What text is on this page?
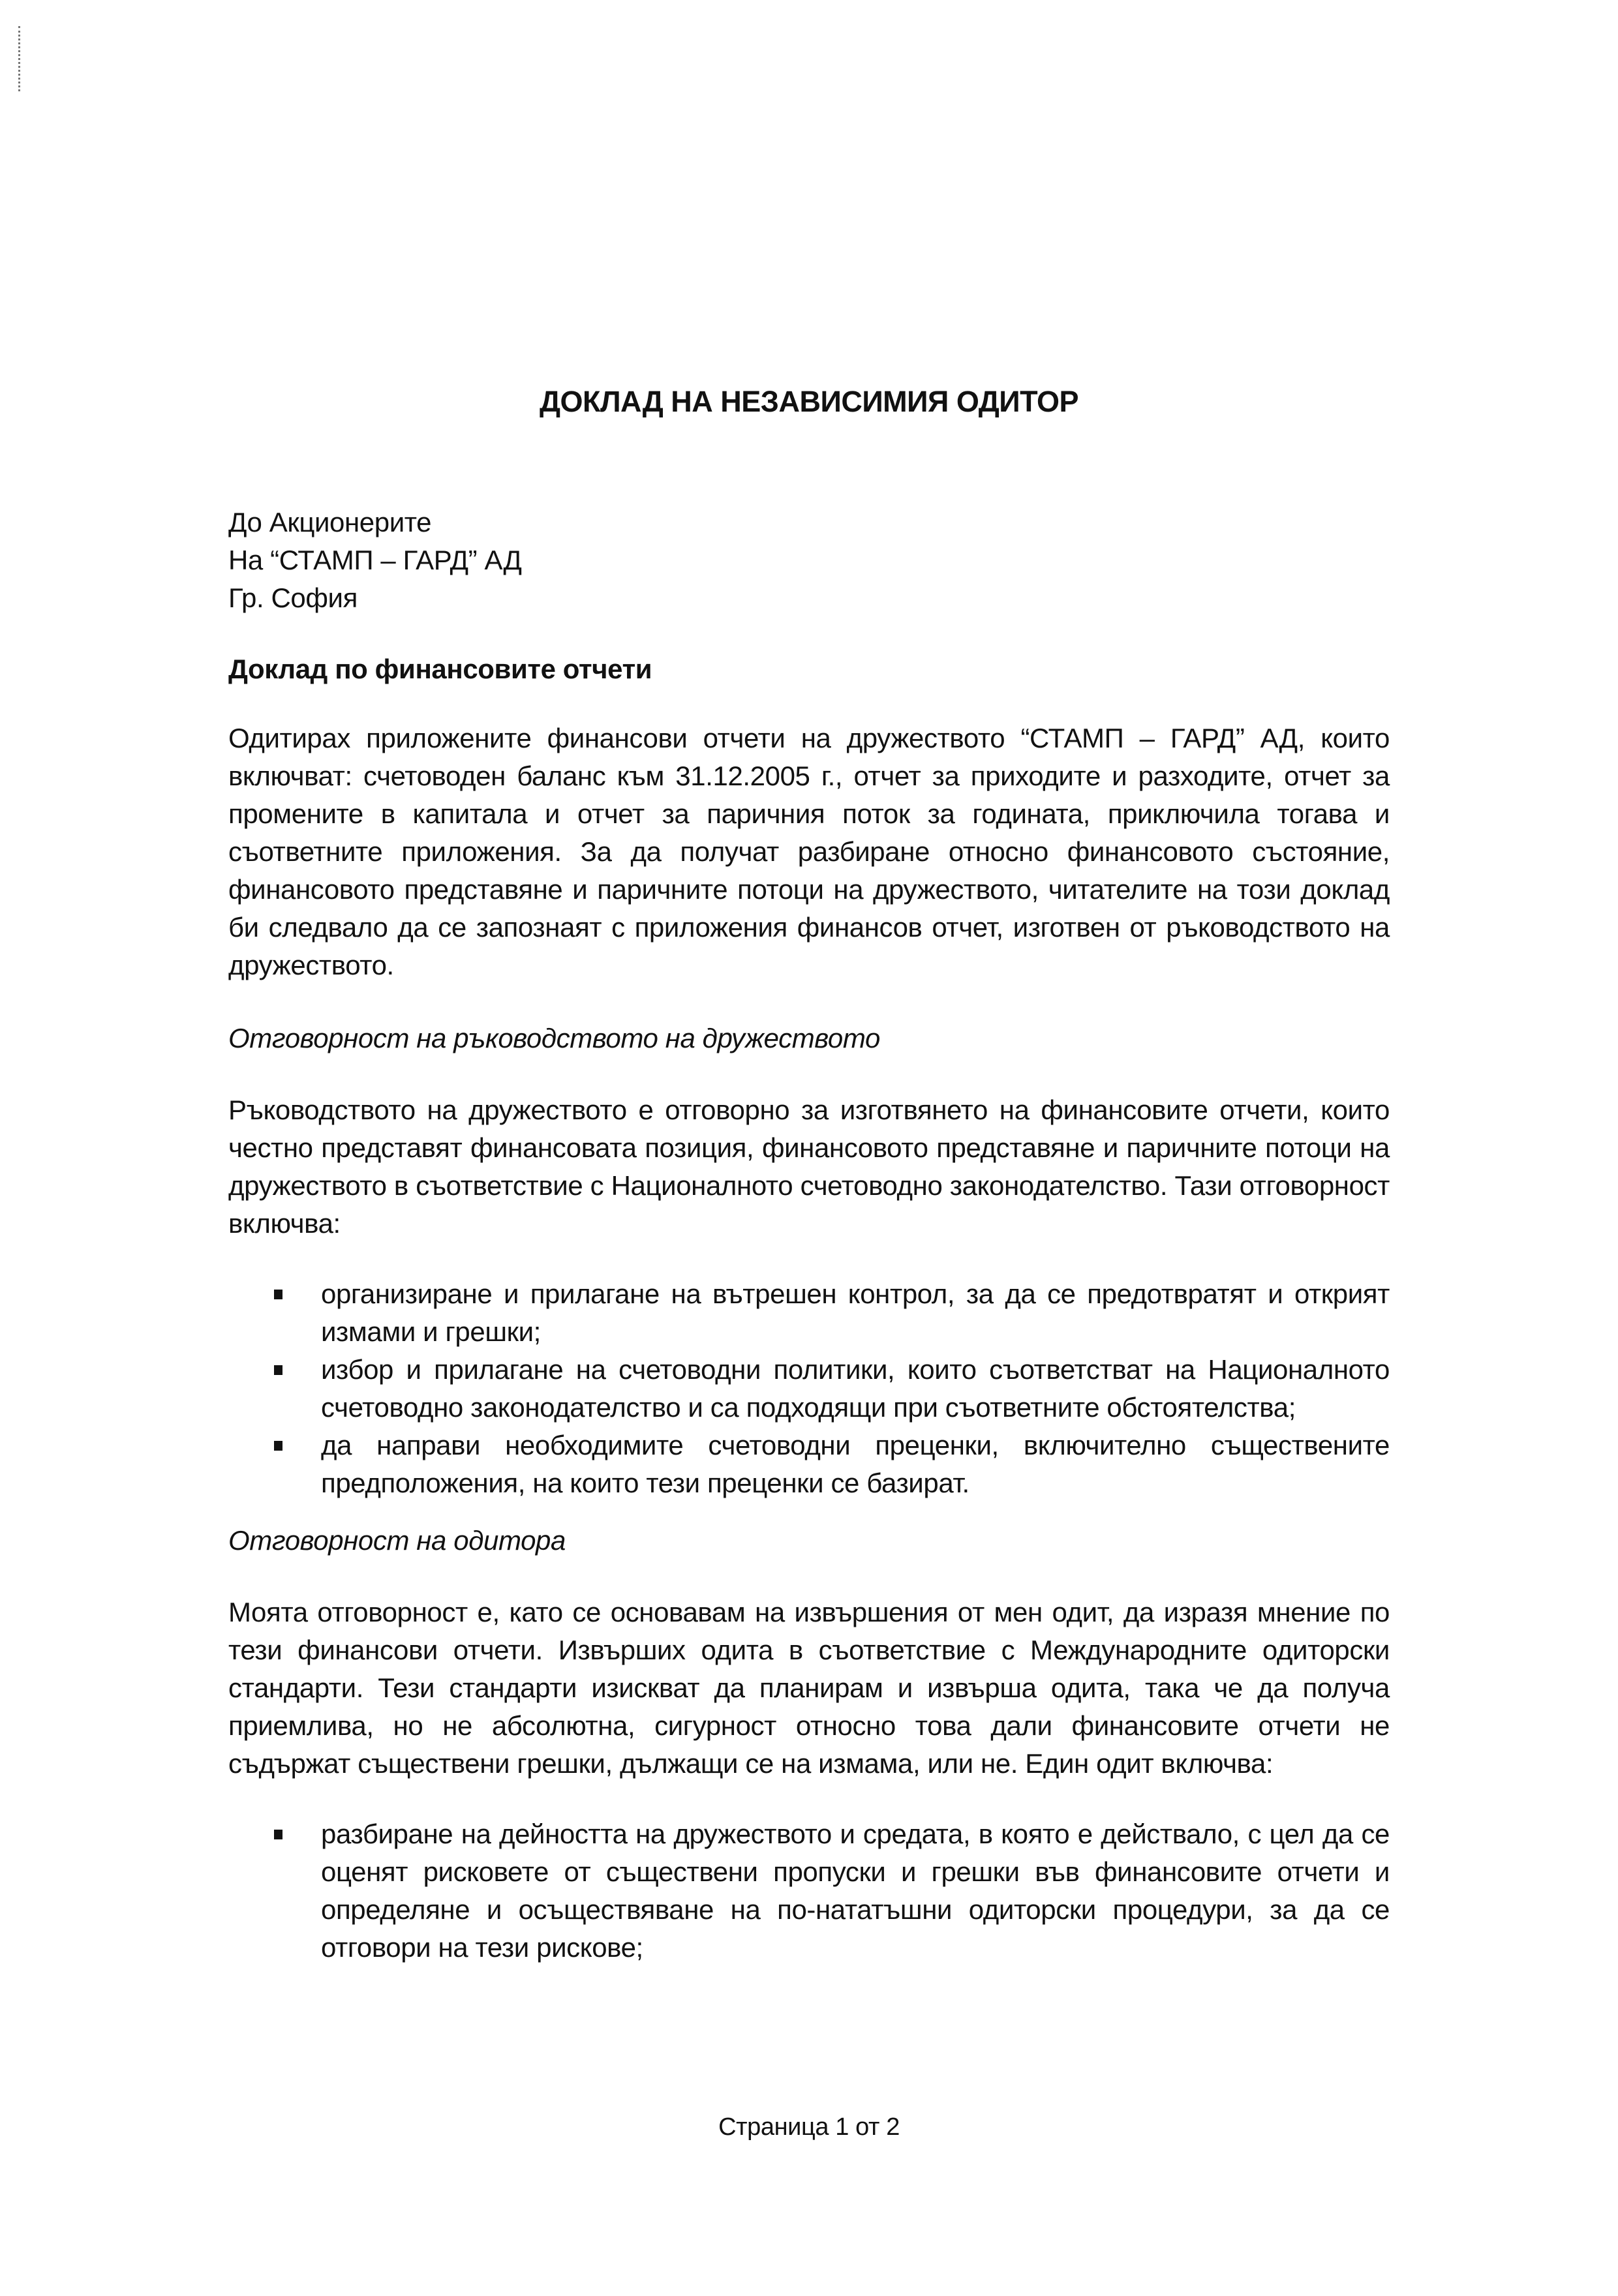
ДОКЛАД НА НЕЗАВИСИМИЯ ОДИТОР
До Акционерите
На “СТАМП – ГАРД” АД
Гр. София
Доклад по финансовите отчети

Одитирах приложените финансови отчети на дружеството “СТАМП – ГАРД” АД, които включват: счетоводен баланс към 31.12.2005 г., отчет за приходите и разходите, отчет за промените в капитала и отчет за паричния поток за годината, приключила тогава и съответните приложения. За да получат разбиране относно финансовото състояние, финансовото представяне и паричните потоци на дружеството, читателите на този доклад би следвало да се запознаят с приложения финансов отчет, изготвен от ръководството на дружеството.

Отговорност на ръководството на дружеството

Ръководството на дружеството е отговорно за изготвянето на финансовите отчети, които честно представят финансовата позиция, финансовото представяне и паричните потоци на дружеството в съответствие с Националното счетоводно законодателство. Тази отговорност включва:

организиране и прилагане на вътрешен контрол, за да се предотвратят и открият измами и грешки;
избор и прилагане на счетоводни политики, които съответстват на Националното счетоводно законодателство и са подходящи при съответните обстоятелства;
да направи необходимите счетоводни преценки, включително съществените предположения, на които тези преценки се базират.
Отговорност на одитора

Моята отговорност е, като се основавам на извършения от мен одит, да изразя мнение по тези финансови отчети. Извърших одита в съответствие с Международните одиторски стандарти. Тези стандарти изискват да планирам и извърша одита, така че да получа приемлива, но не абсолютна, сигурност относно това дали финансовите отчети не съдържат съществени грешки, дължащи се на измама, или не. Един одит включва:

разбиране на дейността на дружеството и средата, в която е действало, с цел да се оценят рисковете от съществени пропуски и грешки във финансовите отчети и определяне и осъществяване на по-нататъшни одиторски процедури, за да се отговори на тези рискове;
Страница 1 от 2
